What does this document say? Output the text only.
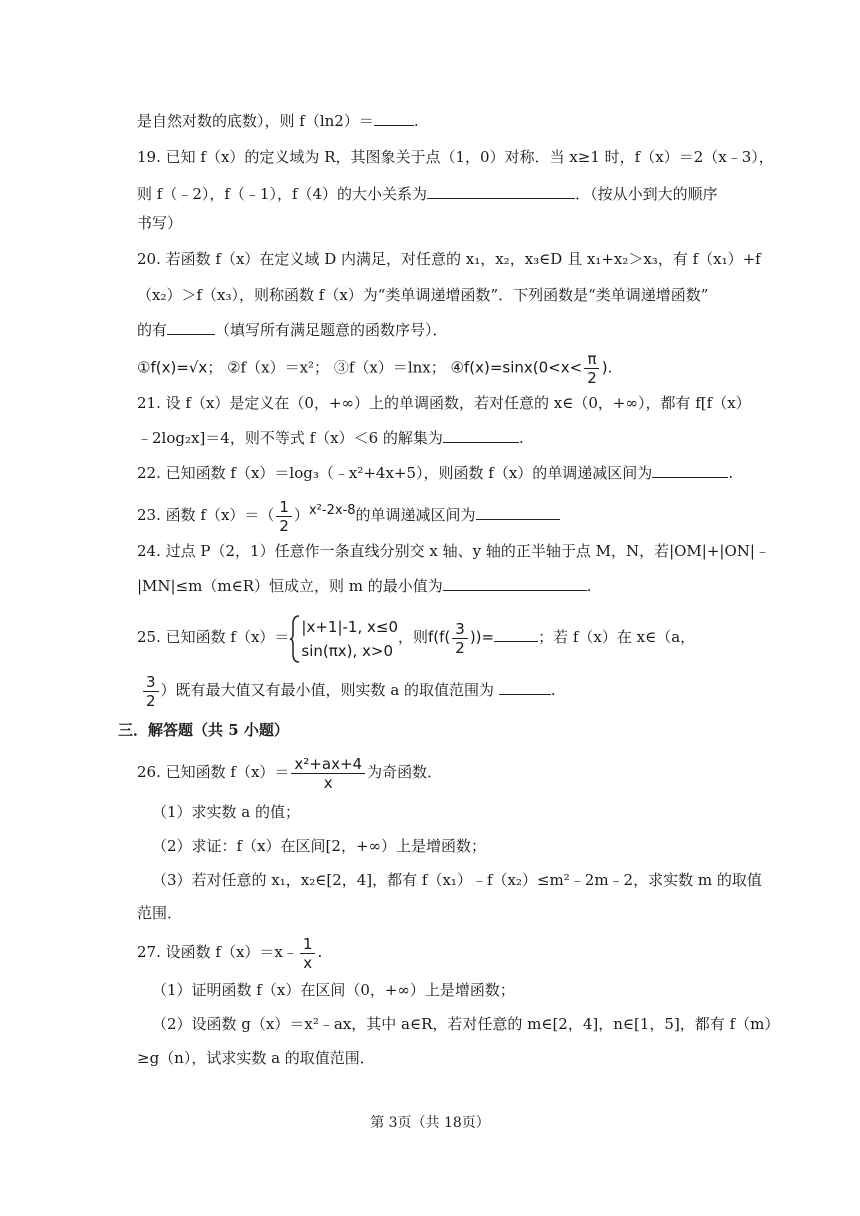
是自然对数的底数），则 f（ln2）＝	.
19. 已知 f（x）的定义域为 R，其图象关于点（1，0）对称．当 x≥1 时，f（x）＝2（x﹣3），
则 f（﹣2），f（﹣1），f（4）的大小关系为	．（按从小到大的顺序
书写）
20. 若函数 f（x）在定义域 D 内满足，对任意的 x₁，x₂，x₃∈D 且 x₁+x₂＞x₃，有 f（x₁）+f
（x₂）＞f（x₃），则称函数 f（x）为“类单调递增函数”．下列函数是“类单调递增函数”
的有	（填写所有满足题意的函数序号）．
①f(x)=√x； ②f（x）＝x²； ③f（x）＝lnx； ④f(x)=sinx(0<x< $\frac{\pi}{2}$ ).
21. 设 f（x）是定义在（0，+∞）上的单调函数，若对任意的 x∈（0，+∞），都有 f[f（x）
﹣2log₂x]＝4，则不等式 f（x）＜6 的解集为	.
22. 已知函数 f（x）＝log₃（﹣x²+4x+5），则函数 f（x）的单调递减区间为	.
23. 函数 $f(x)=( \frac{1}{2} )x^2-2x-8$的单调递减区间为
24. 过点 P（2，1）任意作一条直线分别交 x 轴、y 轴的正半轴于点 M，N，若|OM|+|ON|﹣
|MN|≤m（m∈R）恒成立，则 m 的最小值为	.
25. 已知函数 f（x）＝
|x+1|-1, x≤0
sin(πx), x>0
，则$f(f( \frac{3}{2}$ ))=	；若 f（x）在 x∈（a，
$\frac{3}{2}$ ）既有最大值又有最小值，则实数 a 的取值范围为	.
三．解答题（共 5 小题）
26. 已知函数 $f(x)= \frac{\text{x²+ax+4}}{x}$ 为奇函数．
（1）求实数 a 的值；
（2）求证：f（x）在区间[2，+∞）上是增函数；
（3）若对任意的 x₁，x₂∈[2，4]，都有 f（x₁）﹣f（x₂）≤m²﹣2m﹣2，求实数 m 的取值
范围．
27. 设函数 f（x）＝x﹣ $\frac{1}{x}$ .
（1）证明函数 f（x）在区间（0，+∞）上是增函数；
（2）设函数 g（x）＝x²﹣ax，其中 a∈R，若对任意的 m∈[2，4]，n∈[1，5]，都有 f（m）
≥g（n），试求实数 a 的取值范围．
第 3页（共 18页）
